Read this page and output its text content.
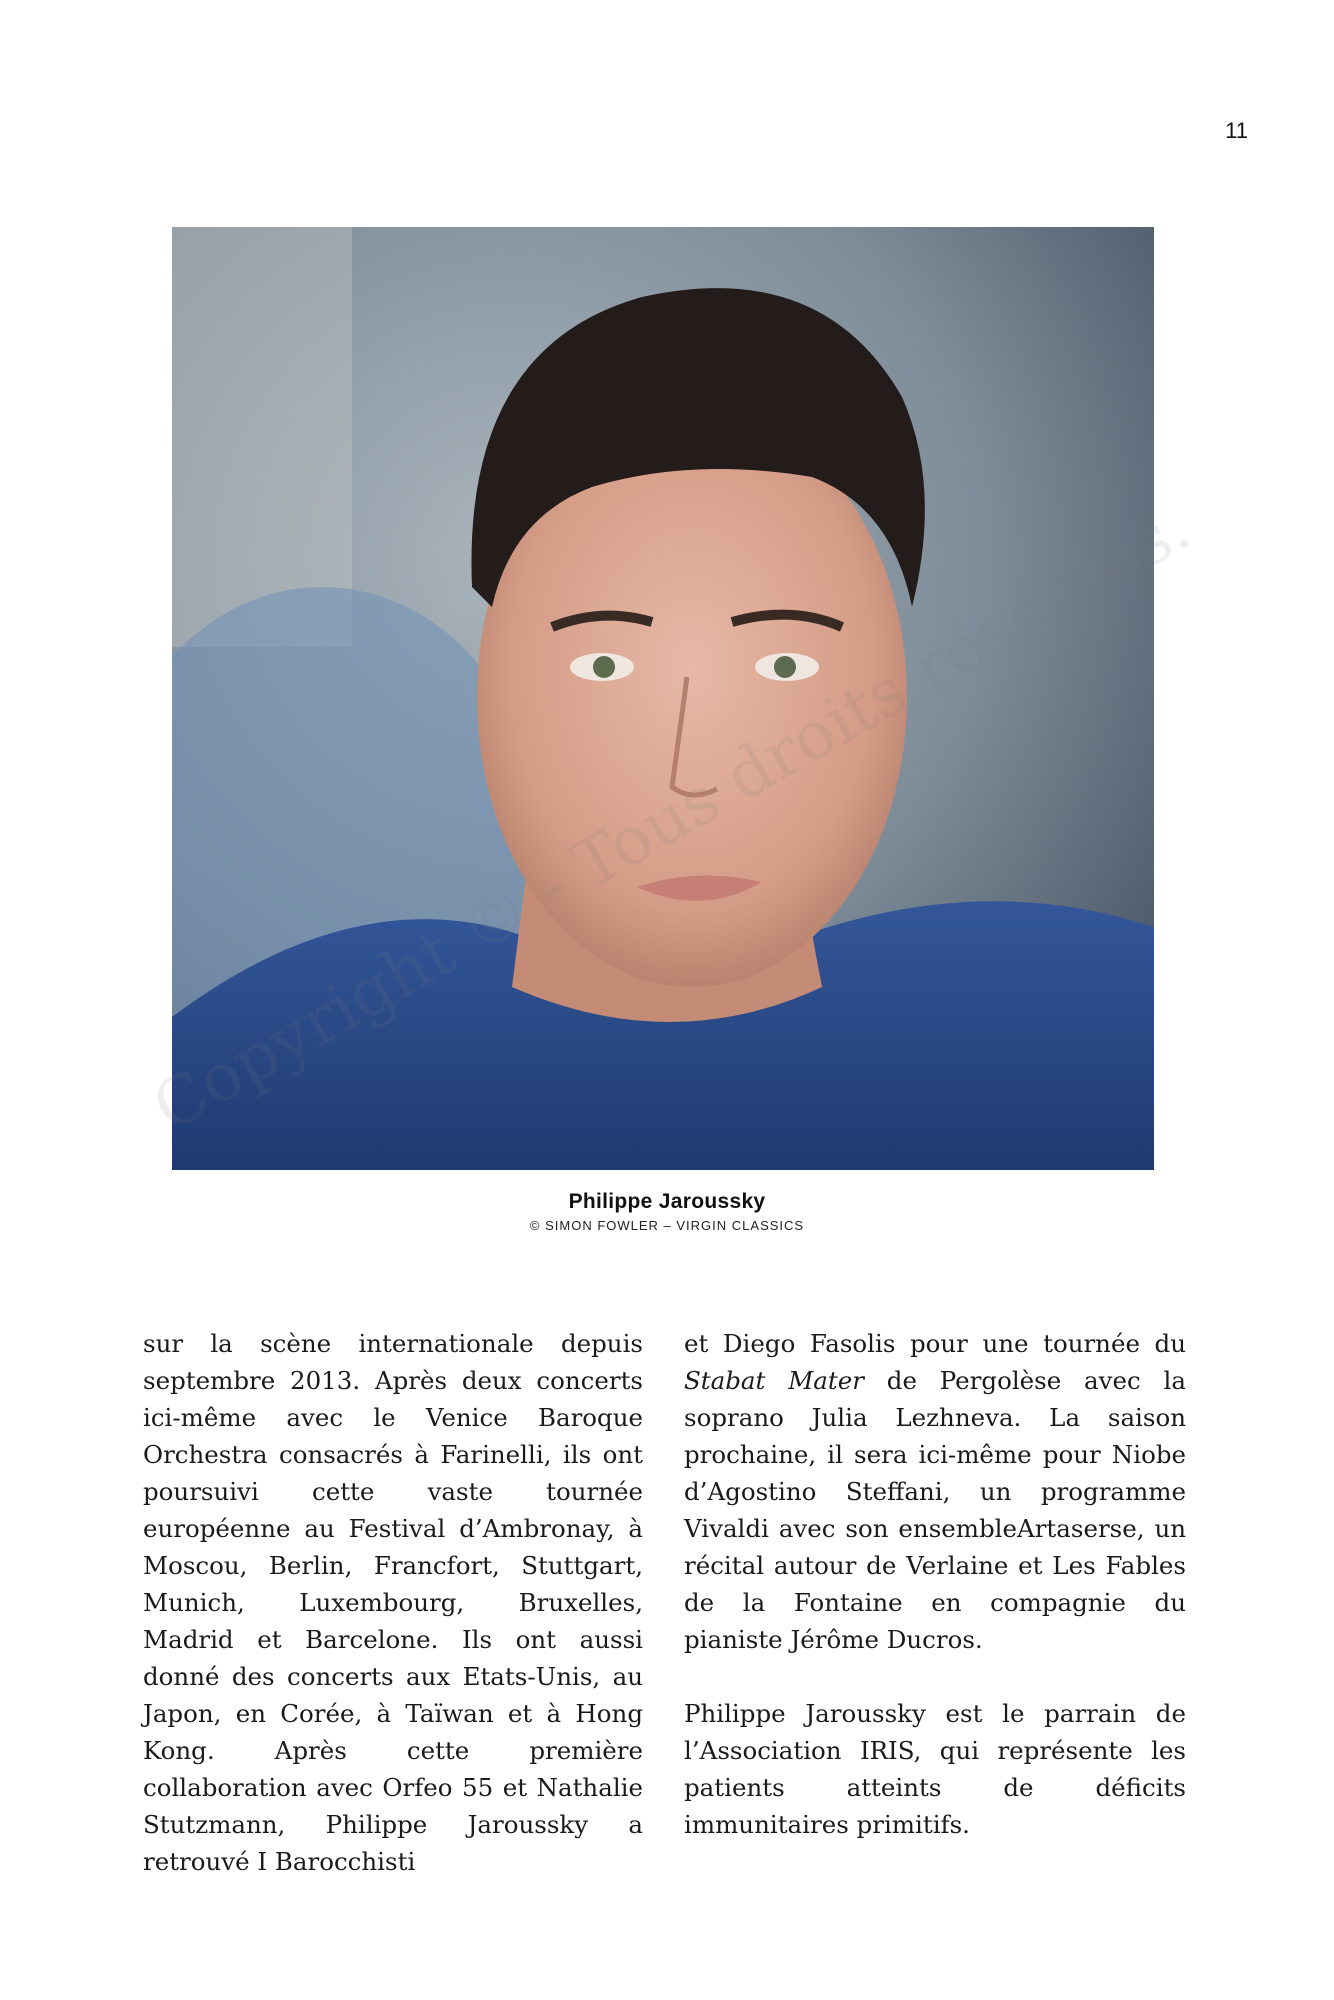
11
Philippe Jaroussky
© SIMON FOWLER – VIRGIN CLASSICS

sur la scène internationale depuis septembre 2013. Après deux concerts ici-même avec le Venice Baroque Orchestra consacrés à Farinelli, ils ont poursuivi cette vaste tournée européenne au Festival d’Ambronay, à Moscou, Berlin, Francfort, Stuttgart, Munich, Luxembourg, Bruxelles, Madrid et Barcelone. Ils ont aussi donné des concerts aux Etats-Unis, au Japon, en Corée, à Taïwan et à Hong Kong. Après cette première collaboration avec Orfeo 55 et Nathalie Stutzmann, Philippe Jaroussky a retrouvé I Barocchisti

et Diego Fasolis pour une tournée du Stabat Mater de Pergolèse avec la soprano Julia Lezhneva. La saison prochaine, il sera ici-même pour Niobe d’Agostino Steffani, un programme Vivaldi avec son ensembleArtaserse, un récital autour de Verlaine et Les Fables de la Fontaine en compagnie du pianiste Jérôme Ducros.

Philippe Jaroussky est le parrain de l’Association IRIS, qui représente les patients atteints de déficits immunitaires primitifs.
